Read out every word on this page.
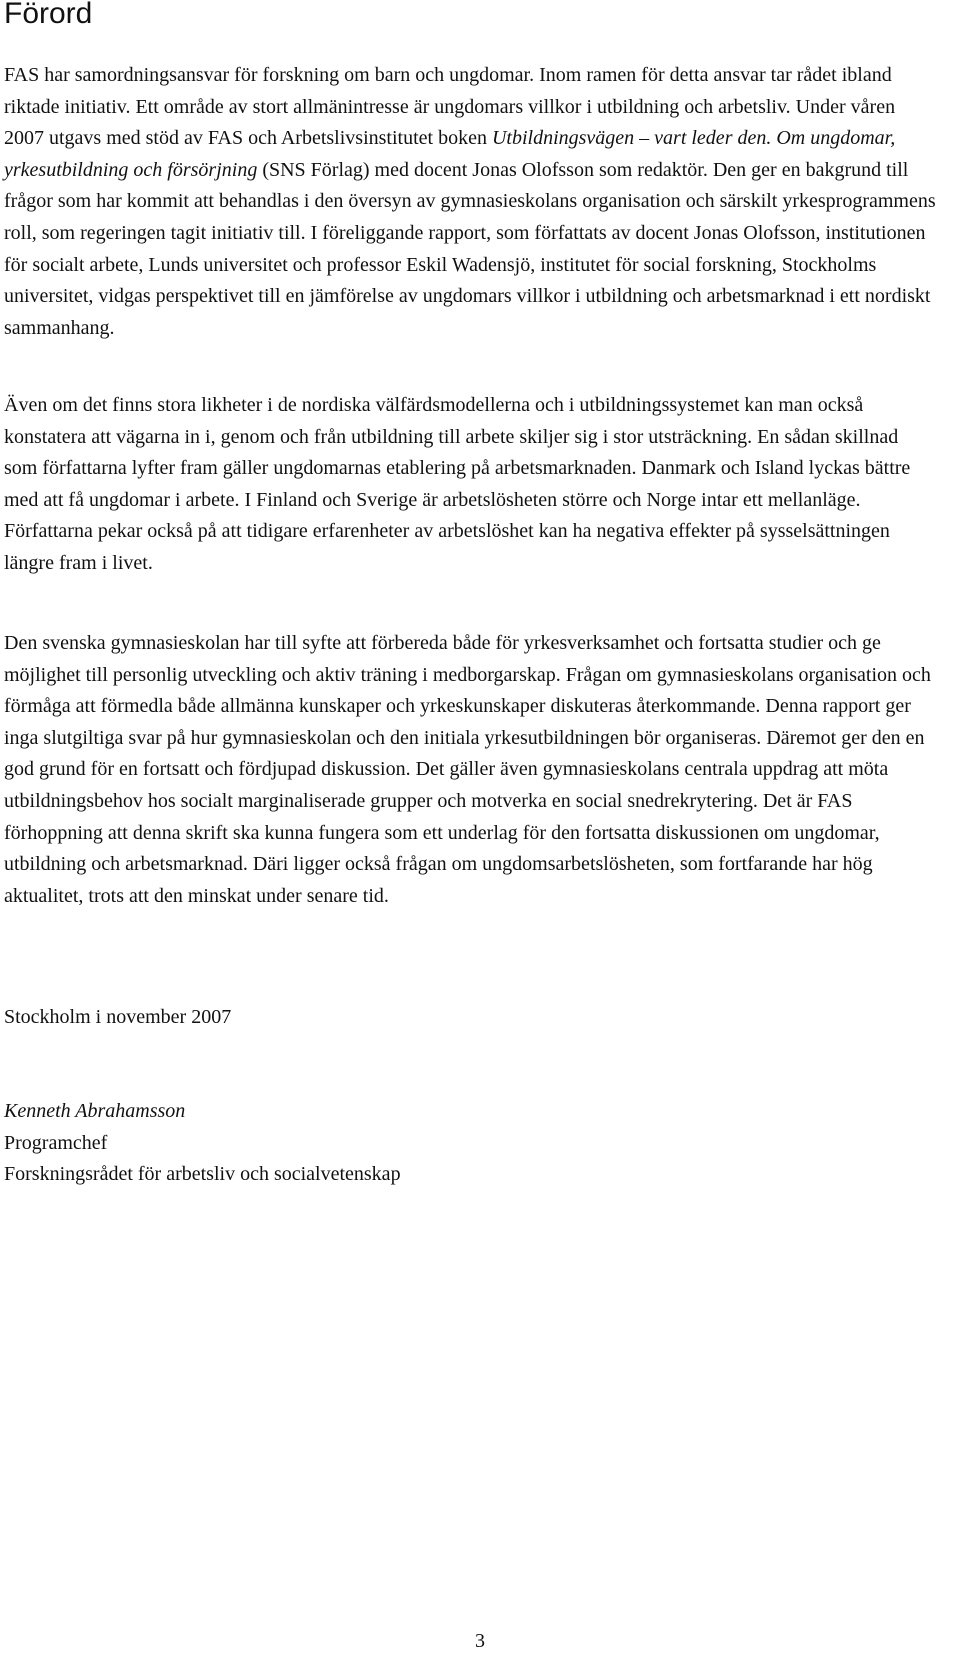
Förord

FAS har samordningsansvar för forskning om barn och ungdomar. Inom ramen för detta ansvar tar rådet ibland riktade initiativ. Ett område av stort allmänintresse är ungdomars villkor i utbildning och arbetsliv. Under våren 2007 utgavs med stöd av FAS och Arbetslivsinstitutet boken Utbildningsvägen – vart leder den. Om ungdomar, yrkesutbildning och försörjning (SNS Förlag) med docent Jonas Olofsson som redaktör. Den ger en bakgrund till frågor som har kommit att behandlas i den översyn av gymnasieskolans organisation och särskilt yrkesprogrammens roll, som regeringen tagit initiativ till. I föreliggande rapport, som författats av docent Jonas Olofsson, institutionen för socialt arbete, Lunds universitet och professor Eskil Wadensjö, institutet för social forskning, Stockholms universitet, vidgas perspektivet till en jämförelse av ungdomars villkor i utbildning och arbetsmarknad i ett nordiskt sammanhang.

Även om det finns stora likheter i de nordiska välfärdsmodellerna och i utbildningssystemet kan man också konstatera att vägarna in i, genom och från utbildning till arbete skiljer sig i stor utsträckning. En sådan skillnad som författarna lyfter fram gäller ungdomarnas etablering på arbetsmarknaden. Danmark och Island lyckas bättre med att få ungdomar i arbete. I Finland och Sverige är arbetslösheten större och Norge intar ett mellanläge. Författarna pekar också på att tidigare erfarenheter av arbetslöshet kan ha negativa effekter på sysselsättningen längre fram i livet.

Den svenska gymnasieskolan har till syfte att förbereda både för yrkesverksamhet och fortsatta studier och ge möjlighet till personlig utveckling och aktiv träning i medborgarskap. Frågan om gymnasieskolans organisation och förmåga att förmedla både allmänna kunskaper och yrkeskunskaper diskuteras återkommande. Denna rapport ger inga slutgiltiga svar på hur gymnasieskolan och den initiala yrkesutbildningen bör organiseras. Däremot ger den en god grund för en fortsatt och fördjupad diskussion. Det gäller även gymnasieskolans centrala uppdrag att möta utbildningsbehov hos socialt marginaliserade grupper och motverka en social snedrekrytering. Det är FAS förhoppning att denna skrift ska kunna fungera som ett underlag för den fortsatta diskussionen om ungdomar, utbildning och arbetsmarknad. Däri ligger också frågan om ungdomsarbetslösheten, som fortfarande har hög aktualitet, trots att den minskat under senare tid.

Stockholm i november 2007

Kenneth Abrahamsson

Programchef

Forskningsrådet för arbetsliv och socialvetenskap

3
